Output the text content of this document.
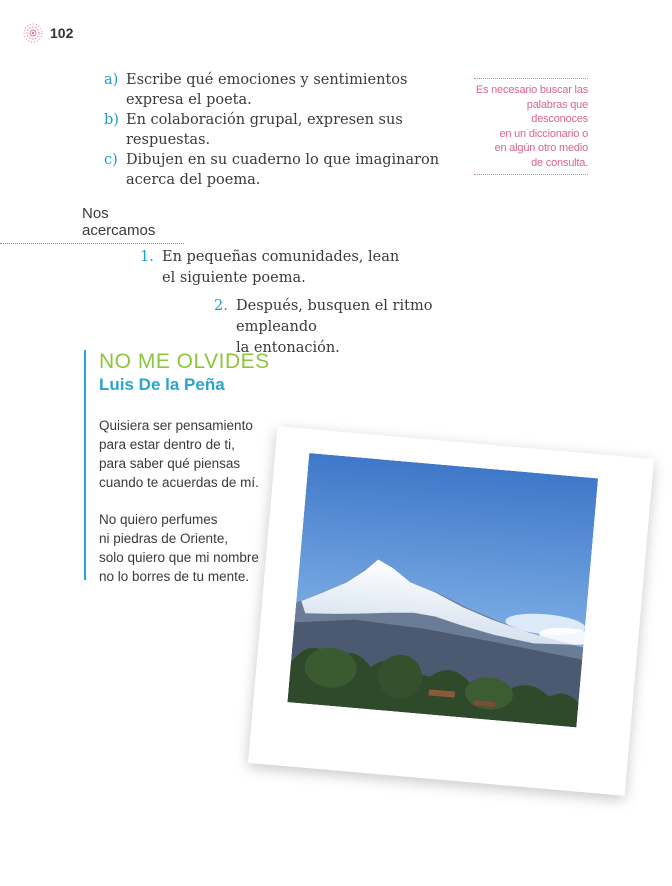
102
a) Escribe qué emociones y sentimientos
expresa el poeta.
b) En colaboración grupal, expresen sus
respuestas.
c) Dibujen en su cuaderno lo que imaginaron
acerca del poema.
Es necesario buscar las
palabras que desconoces
en un diccionario o
en algún otro medio
de consulta.
Nos acercamos
1. En pequeñas comunidades, lean
el siguiente poema.
2. Después, busquen el ritmo empleando
la entonación.
NO ME OLVIDES
Luis De la Peña
Quisiera ser pensamiento
para estar dentro de ti,
para saber qué piensas
cuando te acuerdas de mí.
No quiero perfumes
ni piedras de Oriente,
solo quiero que mi nombre
no lo borres de tu mente.
